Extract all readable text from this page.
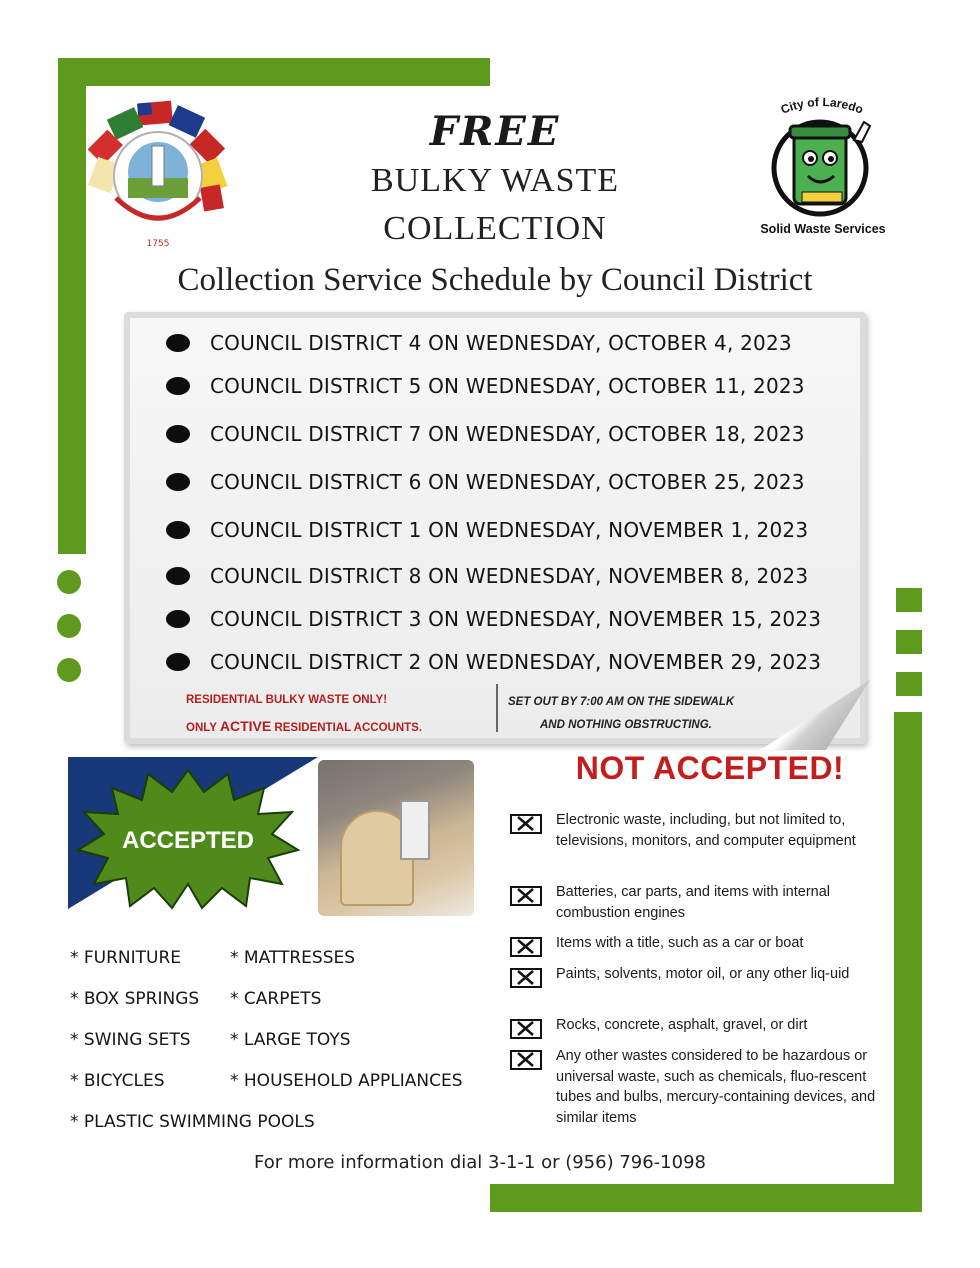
1755
City of Laredo
Solid Waste Services
FREE
BULKY WASTE
COLLECTION
Collection Service Schedule by Council District
COUNCIL DISTRICT 4 ON WEDNESDAY, OCTOBER 4, 2023
COUNCIL DISTRICT 5 ON WEDNESDAY, OCTOBER 11, 2023
COUNCIL DISTRICT 7 ON WEDNESDAY, OCTOBER 18, 2023
COUNCIL DISTRICT 6 ON WEDNESDAY, OCTOBER 25, 2023
COUNCIL DISTRICT 1 ON WEDNESDAY, NOVEMBER 1, 2023
COUNCIL DISTRICT 8 ON WEDNESDAY, NOVEMBER 8, 2023
COUNCIL DISTRICT 3 ON WEDNESDAY, NOVEMBER 15, 2023
COUNCIL DISTRICT 2 ON WEDNESDAY, NOVEMBER 29, 2023
RESIDENTIAL BULKY WASTE ONLY!
ONLY ACTIVE RESIDENTIAL ACCOUNTS.
SET OUT BY 7:00 AM ON THE SIDEWALK
AND NOTHING OBSTRUCTING.
ACCEPTED
* FURNITURE	* MATTRESSES
* BOX SPRINGS * CARPETS
* SWING SETS * LARGE TOYS
* BICYCLES	* HOUSEHOLD APPLIANCES
* PLASTIC SWIMMING POOLS
NOT ACCEPTED!
Electronic waste, including, but not limited to, televisions, monitors, and computer equipment
Batteries, car parts, and items with internal combustion engines
Items with a title, such as a car or boat
Paints, solvents, motor oil, or any other liq-uid
Rocks, concrete, asphalt, gravel, or dirt
Any other wastes considered to be hazardous or universal waste, such as chemicals, fluo-rescent tubes and bulbs, mercury-containing devices, and similar items
For more information dial 3-1-1 or (956) 796-1098
